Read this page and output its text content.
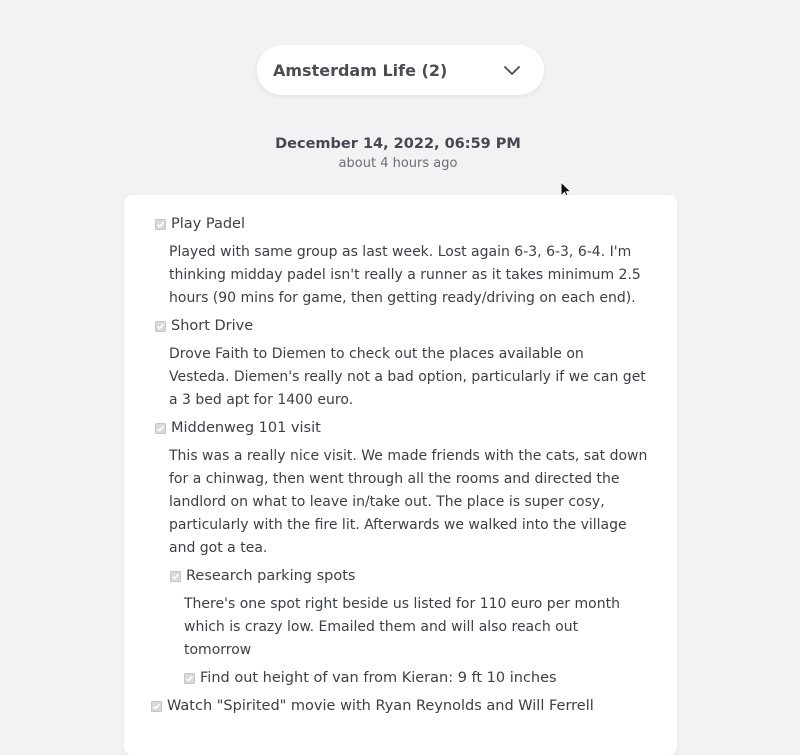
Amsterdam Life (2)
December 14, 2022, 06:59 PM
about 4 hours ago
Play Padel
Played with same group as last week. Lost again 6-3, 6-3, 6-4. I'm
thinking midday padel isn't really a runner as it takes minimum 2.5
hours (90 mins for game, then getting ready/driving on each end).
Short Drive
Drove Faith to Diemen to check out the places available on
Vesteda. Diemen's really not a bad option, particularly if we can get
a 3 bed apt for 1400 euro.
Middenweg 101 visit
This was a really nice visit. We made friends with the cats, sat down
for a chinwag, then went through all the rooms and directed the
landlord on what to leave in/take out. The place is super cosy,
particularly with the fire lit. Afterwards we walked into the village
and got a tea.
Research parking spots
There's one spot right beside us listed for 110 euro per month
which is crazy low. Emailed them and will also reach out
tomorrow
Find out height of van from Kieran: 9 ft 10 inches
Watch "Spirited" movie with Ryan Reynolds and Will Ferrell
